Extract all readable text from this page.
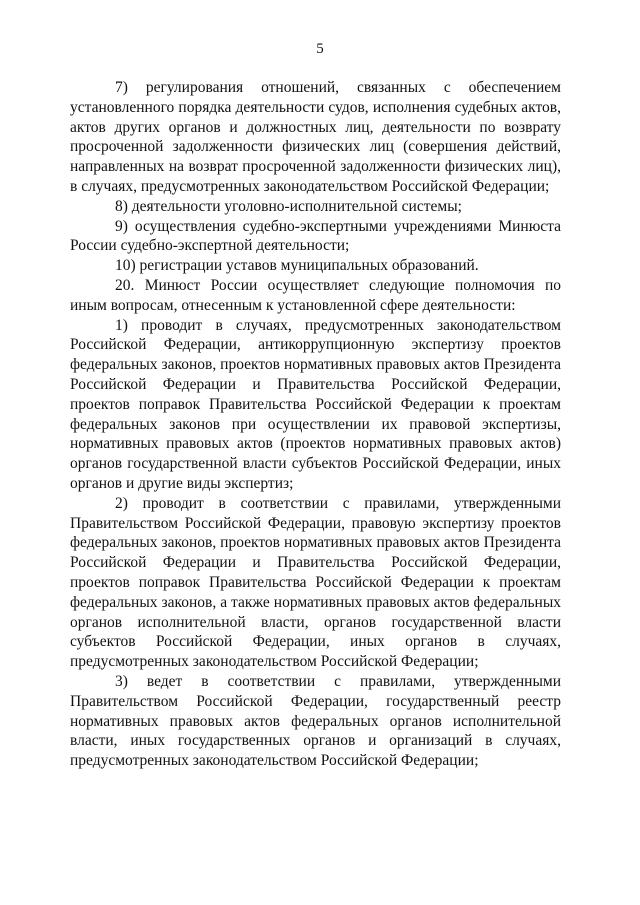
5

7) регулирования отношений, связанных с обеспечением установленного порядка деятельности судов, исполнения судебных актов, актов других органов и должностных лиц, деятельности по возврату просроченной задолженности физических лиц (совершения действий, направленных на возврат просроченной задолженности физических лиц), в случаях, предусмотренных законодательством Российской Федерации;

8) деятельности уголовно-исполнительной системы;

9) осуществления судебно-экспертными учреждениями Минюста России судебно-экспертной деятельности;

10) регистрации уставов муниципальных образований.

20. Минюст России осуществляет следующие полномочия по иным вопросам, отнесенным к установленной сфере деятельности:

1) проводит в случаях, предусмотренных законодательством Российской Федерации, антикоррупционную экспертизу проектов федеральных законов, проектов нормативных правовых актов Президента Российской Федерации и Правительства Российской Федерации, проектов поправок Правительства Российской Федерации к проектам федеральных законов при осуществлении их правовой экспертизы, нормативных правовых актов (проектов нормативных правовых актов) органов государственной власти субъектов Российской Федерации, иных органов и другие виды экспертиз;

2) проводит в соответствии с правилами, утвержденными Правительством Российской Федерации, правовую экспертизу проектов федеральных законов, проектов нормативных правовых актов Президента Российской Федерации и Правительства Российской Федерации, проектов поправок Правительства Российской Федерации к проектам федеральных законов, а также нормативных правовых актов федеральных органов исполнительной власти, органов государственной власти субъектов Российской Федерации, иных органов в случаях, предусмотренных законодательством Российской Федерации;

3) ведет в соответствии с правилами, утвержденными Правительством Российской Федерации, государственный реестр нормативных правовых актов федеральных органов исполнительной власти, иных государственных органов и организаций в случаях, предусмотренных законодательством Российской Федерации;
